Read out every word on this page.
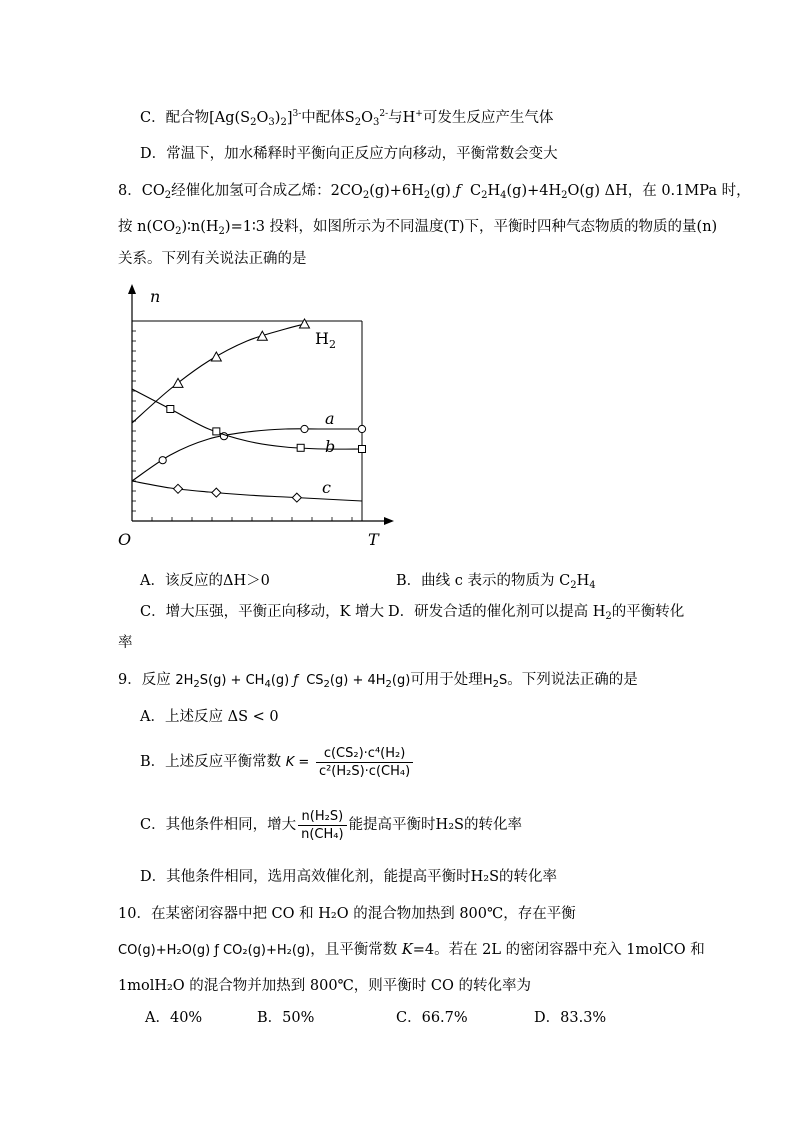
C．配合物$[Ag(S_2O_3)_2]^{3-}$中配体$S_2O_3^{2-}$与H+可发生反应产生气体
D．常温下，加水稀释时平衡向正反应方向移动，平衡常数会变大
8．$CO_2$经催化加氢可合成乙烯：$2CO_2(g)+6H_2(g)$ ƒ $C_2H_4(g)+4H_2O(g)$ ΔH，在 0.1MPa 时，
按 $n(CO_2)∶n(H_2)=1∶3$ 投料，如图所示为不同温度(T)下，平衡时四种气态物质的物质的量(n)
关系。下列有关说法正确的是
n
T
O
$H_2$
a
b
c
A．该反应的ΔH＞0	B．曲线 c 表示的物质为 $C_2H_4$
C．增大压强，平衡正向移动，K 增大 D．研发合适的催化剂可以提高 $H_2$的平衡转化
率
9．反应 $2H_2S(g) + CH_4(g)$ ƒ $CS_2(g) + 4H_2(g)$可用于处理$H_2S$。下列说法正确的是
A．上述反应 ΔS < 0
B．上述反应平衡常数 $K = \frac{\text{c(CS₂)·c⁴(H₂)}}{\text{c²(H₂S)·c(CH₄)}}$
C．其他条件相同，增大 $\frac{\text{n(H₂S)}}{\text{n(CH₄)}}$ 能提高平衡时H₂S的转化率
D．其他条件相同，选用高效催化剂，能提高平衡时H₂S的转化率
10．在某密闭容器中把 CO 和 H₂O 的混合物加热到 800℃，存在平衡
CO(g)+H₂O(g) ƒ CO₂(g)+H₂(g)，且平衡常数 K=4。若在 2L 的密闭容器中充入 1molCO 和
1molH₂O 的混合物并加热到 800℃，则平衡时 CO 的转化率为
A．40%	B．50%	C．66.7%	D．83.3%
